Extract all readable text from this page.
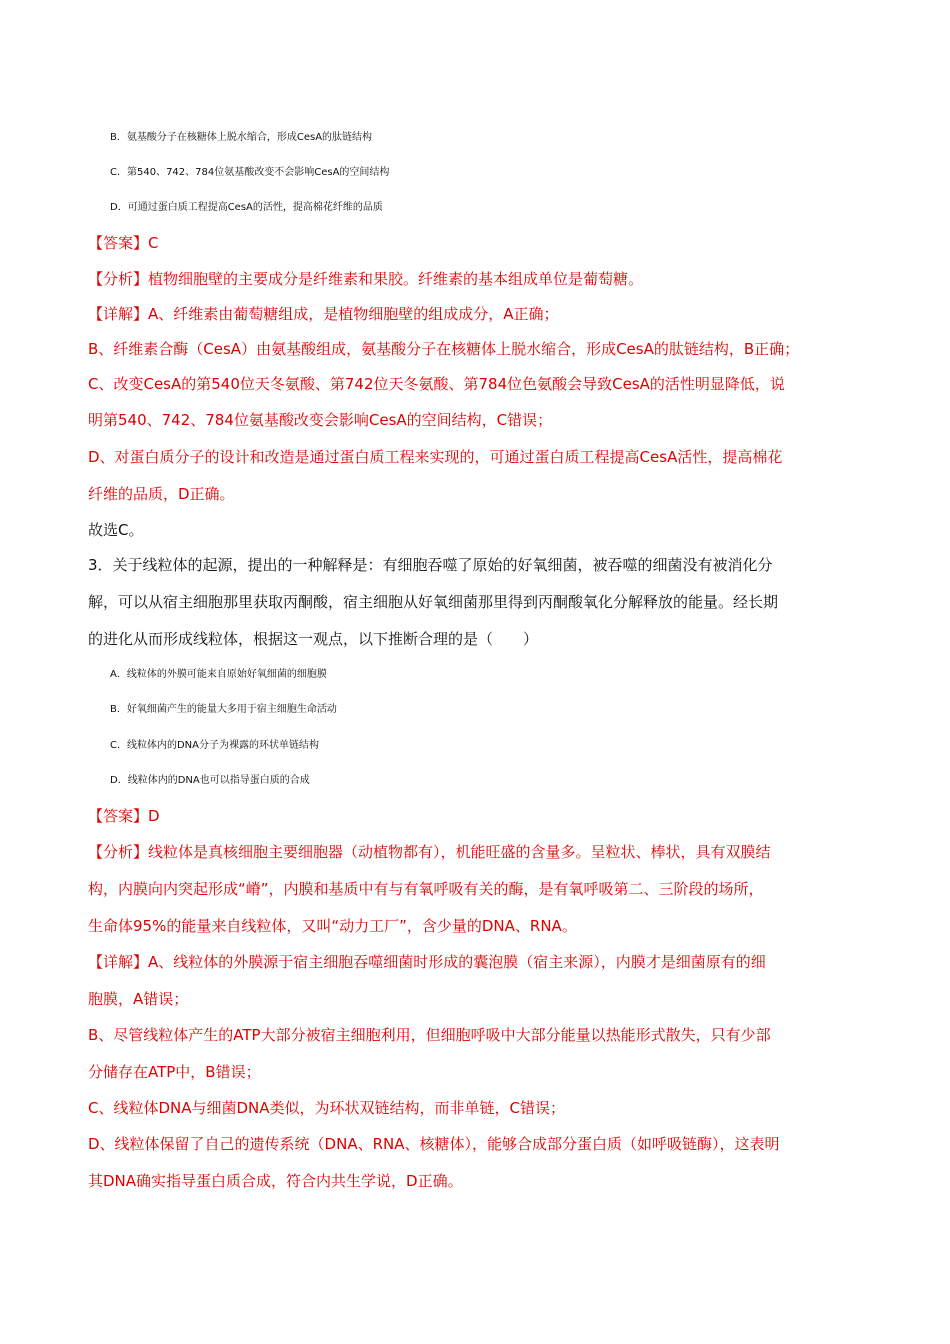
B．氨基酸分子在核糖体上脱水缩合，形成CesA的肽链结构
C．第540、742、784位氨基酸改变不会影响CesA的空间结构
D．可通过蛋白质工程提高CesA的活性，提高棉花纤维的品质
【答案】C
【分析】植物细胞壁的主要成分是纤维素和果胶。纤维素的基本组成单位是葡萄糖。
【详解】A、纤维素由葡萄糖组成，是植物细胞壁的组成成分，A正确；
B、纤维素合酶（CesA）由氨基酸组成，氨基酸分子在核糖体上脱水缩合，形成CesA的肽链结构，B正确；
C、改变CesA的第540位天冬氨酸、第742位天冬氨酸、第784位色氨酸会导致CesA的活性明显降低，说
明第540、742、784位氨基酸改变会影响CesA的空间结构，C错误；
D、对蛋白质分子的设计和改造是通过蛋白质工程来实现的，可通过蛋白质工程提高CesA活性，提高棉花
纤维的品质，D正确。
故选C。
3．关于线粒体的起源，提出的一种解释是：有细胞吞噬了原始的好氧细菌，被吞噬的细菌没有被消化分
解，可以从宿主细胞那里获取丙酮酸，宿主细胞从好氧细菌那里得到丙酮酸氧化分解释放的能量。经长期
的进化从而形成线粒体，根据这一观点，以下推断合理的是（　　）
A．线粒体的外膜可能来自原始好氧细菌的细胞膜
B．好氧细菌产生的能量大多用于宿主细胞生命活动
C．线粒体内的DNA分子为裸露的环状单链结构
D．线粒体内的DNA也可以指导蛋白质的合成
【答案】D
【分析】线粒体是真核细胞主要细胞器（动植物都有），机能旺盛的含量多。呈粒状、棒状，具有双膜结
构，内膜向内突起形成“嵴”，内膜和基质中有与有氧呼吸有关的酶，是有氧呼吸第二、三阶段的场所，
生命体95%的能量来自线粒体，又叫“动力工厂”，含少量的DNA、RNA。
【详解】A、线粒体的外膜源于宿主细胞吞噬细菌时形成的囊泡膜（宿主来源），内膜才是细菌原有的细
胞膜，A错误；
B、尽管线粒体产生的ATP大部分被宿主细胞利用，但细胞呼吸中大部分能量以热能形式散失，只有少部
分储存在ATP中，B错误；
C、线粒体DNA与细菌DNA类似，为环状双链结构，而非单链，C错误；
D、线粒体保留了自己的遗传系统（DNA、RNA、核糖体），能够合成部分蛋白质（如呼吸链酶），这表明
其DNA确实指导蛋白质合成，符合内共生学说，D正确。
